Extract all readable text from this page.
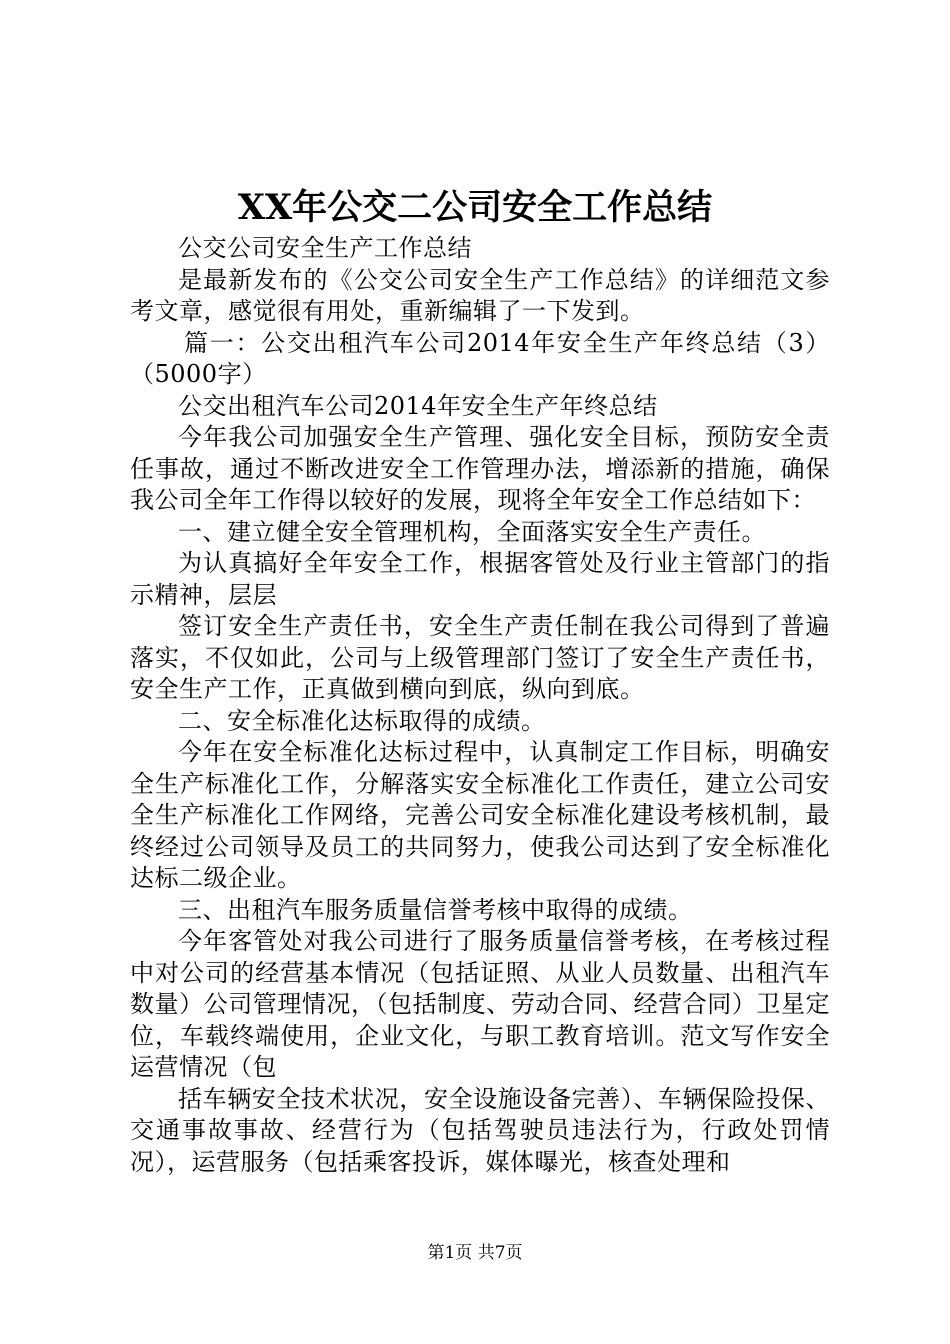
XX年公交二公司安全工作总结

公交公司安全生产工作总结

是最新发布的《公交公司安全生产工作总结》的详细范文参考文章，感觉很有用处，重新编辑了一下发到。

篇一：公交出租汽车公司2014年安全生产年终总结（3）（5000字）

公交出租汽车公司2014年安全生产年终总结

今年我公司加强安全生产管理、强化安全目标，预防安全责任事故，通过不断改进安全工作管理办法，增添新的措施，确保我公司全年工作得以较好的发展，现将全年安全工作总结如下：

一、建立健全安全管理机构，全面落实安全生产责任。

为认真搞好全年安全工作，根据客管处及行业主管部门的指示精神，层层

签订安全生产责任书，安全生产责任制在我公司得到了普遍落实，不仅如此，公司与上级管理部门签订了安全生产责任书，安全生产工作，正真做到横向到底，纵向到底。

二、安全标准化达标取得的成绩。

今年在安全标准化达标过程中，认真制定工作目标，明确安全生产标准化工作，分解落实安全标准化工作责任，建立公司安全生产标准化工作网络，完善公司安全标准化建设考核机制，最终经过公司领导及员工的共同努力，使我公司达到了安全标准化达标二级企业。

三、出租汽车服务质量信誉考核中取得的成绩。

今年客管处对我公司进行了服务质量信誉考核，在考核过程中对公司的经营基本情况（包括证照、从业人员数量、出租汽车数量）公司管理情况，（包括制度、劳动合同、经营合同）卫星定位，车载终端使用，企业文化，与职工教育培训。范文写作安全运营情况（包

括车辆安全技术状况，安全设施设备完善）、车辆保险投保、交通事故事故、经营行为（包括驾驶员违法行为，行政处罚情况），运营服务（包括乘客投诉，媒体曝光，核查处理和

第1页 共7页
